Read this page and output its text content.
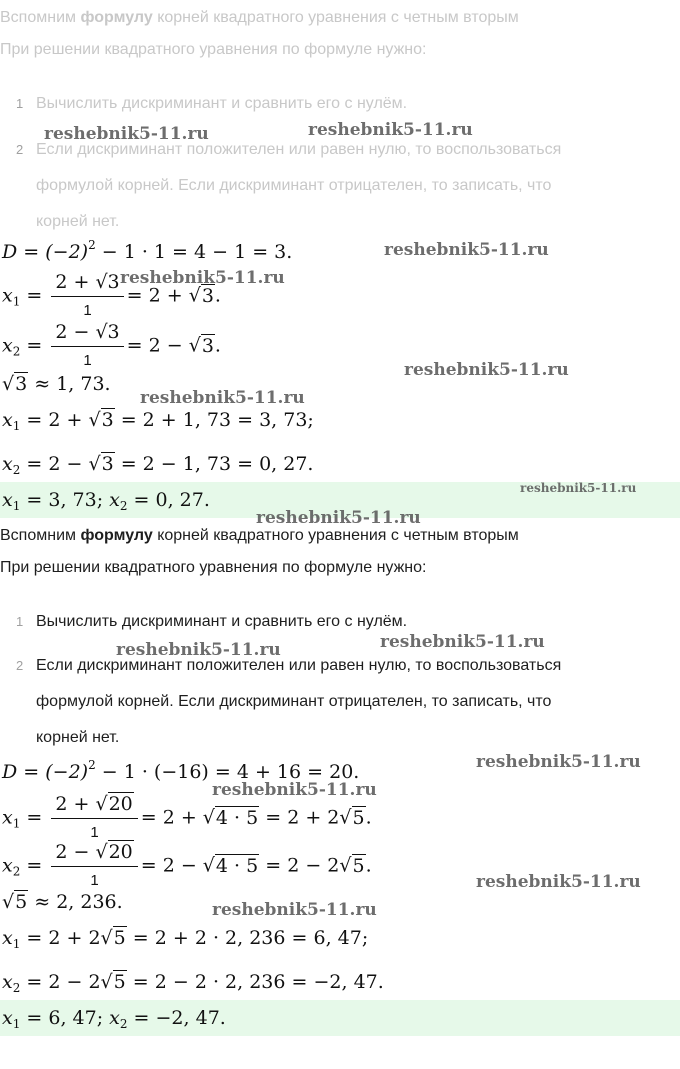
Вспомним формулу корней квадратного уравнения с четным вторым
При решении квадратного уравнения по формуле нужно:
1 Вычислить дискриминант и сравнить его с нулём.
2 Если дискриминант положителен или равен нулю, то воспользоваться
формулой корней. Если дискриминант отрицателен, то записать, что
корней нет.
$D = (-2)^2 - 1 \cdot 1 = 4 - 1 = 3$.
$x_1 = \frac{2 + √3}{1} = 2 + √3$.
$x_2 = \frac{2 - √3}{1} = 2 - √3$.
√3 ≈ 1, 73.
$x_1 = 2 + √3 = 2 + 1$, 73 = 3, 73;
$x_2 = 2 - √3 = 2 - 1$, 73 = 0, 27.
$x_1 = 3$, 73; $x_2 = 0$, 27.
Вспомним формулу корней квадратного уравнения с четным вторым
При решении квадратного уравнения по формуле нужно:
1 Вычислить дискриминант и сравнить его с нулём.
2 Если дискриминант положителен или равен нулю, то воспользоваться
формулой корней. Если дискриминант отрицателен, то записать, что
корней нет.
$D = (-2)^2 - 1 \cdot (-16) = 4 + 16 = 20$.
$x_1 = \frac{2 + √20}{1} = 2 + √4 \cdot 5 = 2 + 2√5$.
$x_2 = \frac{2 - √20}{1} = 2 - √4 \cdot 5 = 2 - 2√5$.
√5 ≈ 2, 236.
$x_1 = 2 + 2√5 = 2 + 2 \cdot 2$, 236 = 6, 47;
$x_2 = 2 - 2√5 = 2 - 2 \cdot 2$, 236 = −2, 47.
$x_1 = 6$, 47; $x_2 = -2$, 47.
reshebnik5-11.ru	reshebnik5-11.ru
reshebnik5-11.ru
reshebnik5-11.ru
reshebnik5-11.ru
reshebnik5-11.ru
reshebnik5-11.ru
reshebnik5-11.ru
reshebnik5-11.ru	reshebnik5-11.ru
reshebnik5-11.ru
reshebnik5-11.ru
reshebnik5-11.ru
reshebnik5-11.ru
